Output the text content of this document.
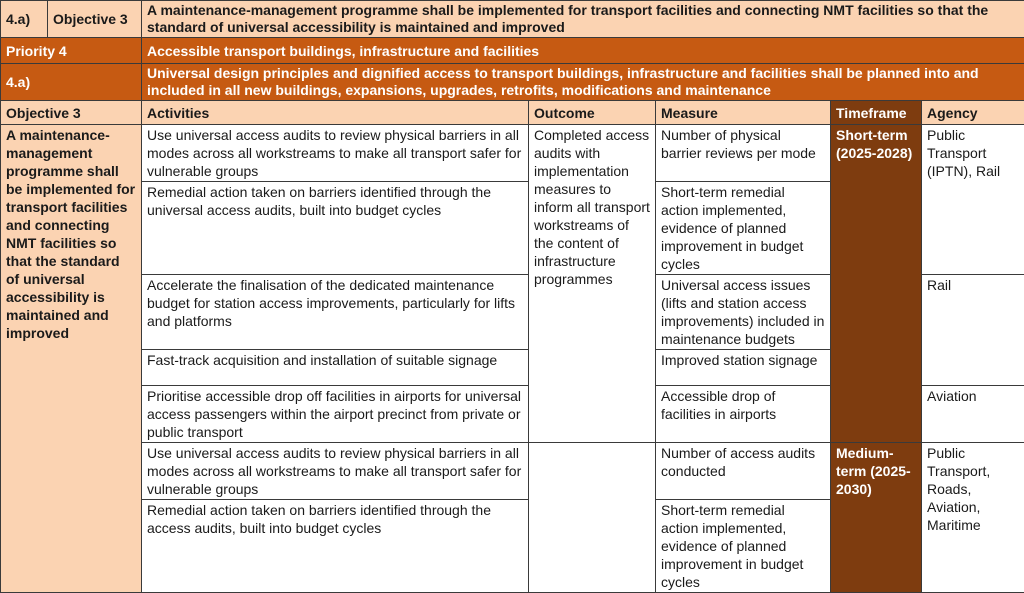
4.a)	Objective 3	A maintenance-management programme shall be implemented for transport facilities and connecting NMT facilities so that the standard of universal accessibility is maintained and improved
Priority 4		Accessible transport buildings, infrastructure and facilities
4.a)		Universal design principles and dignified access to transport buildings, infrastructure and facilities shall be planned into and included in all new buildings, expansions, upgrades, retrofits, modifications and maintenance
Objective 3	Activities	Outcome	Measure	Timeframe	Agency
A maintenance-management programme shall be implemented for transport facilities and connecting NMT facilities so that the standard of universal accessibility is maintained and improved	Use universal access audits to review physical barriers in all modes across all workstreams to make all transport safer for vulnerable groups	Completed access audits with implementation measures to inform all transport workstreams of the content of infrastructure programmes	Number of physical barrier reviews per mode	Short-term (2025-2028)	Public Transport (IPTN), Rail
	Remedial action taken on barriers identified through the universal access audits, built into budget cycles		Short-term remedial action implemented, evidence of planned improvement in budget cycles		
	Accelerate the finalisation of the dedicated maintenance budget for station access improvements, particularly for lifts and platforms		Universal access issues (lifts and station access improvements) included in maintenance budgets		Rail
	Fast-track acquisition and installation of suitable signage		Improved station signage		
	Prioritise accessible drop off facilities in airports for universal access passengers within the airport precinct from private or public transport		Accessible drop of facilities in airports		Aviation
	Use universal access audits to review physical barriers in all modes across all workstreams to make all transport safer for vulnerable groups		Number of access audits conducted	Medium-term (2025-2030)	Public Transport, Roads, Aviation, Maritime
	Remedial action taken on barriers identified through the access audits, built into budget cycles		Short-term remedial action implemented, evidence of planned improvement in budget cycles		
